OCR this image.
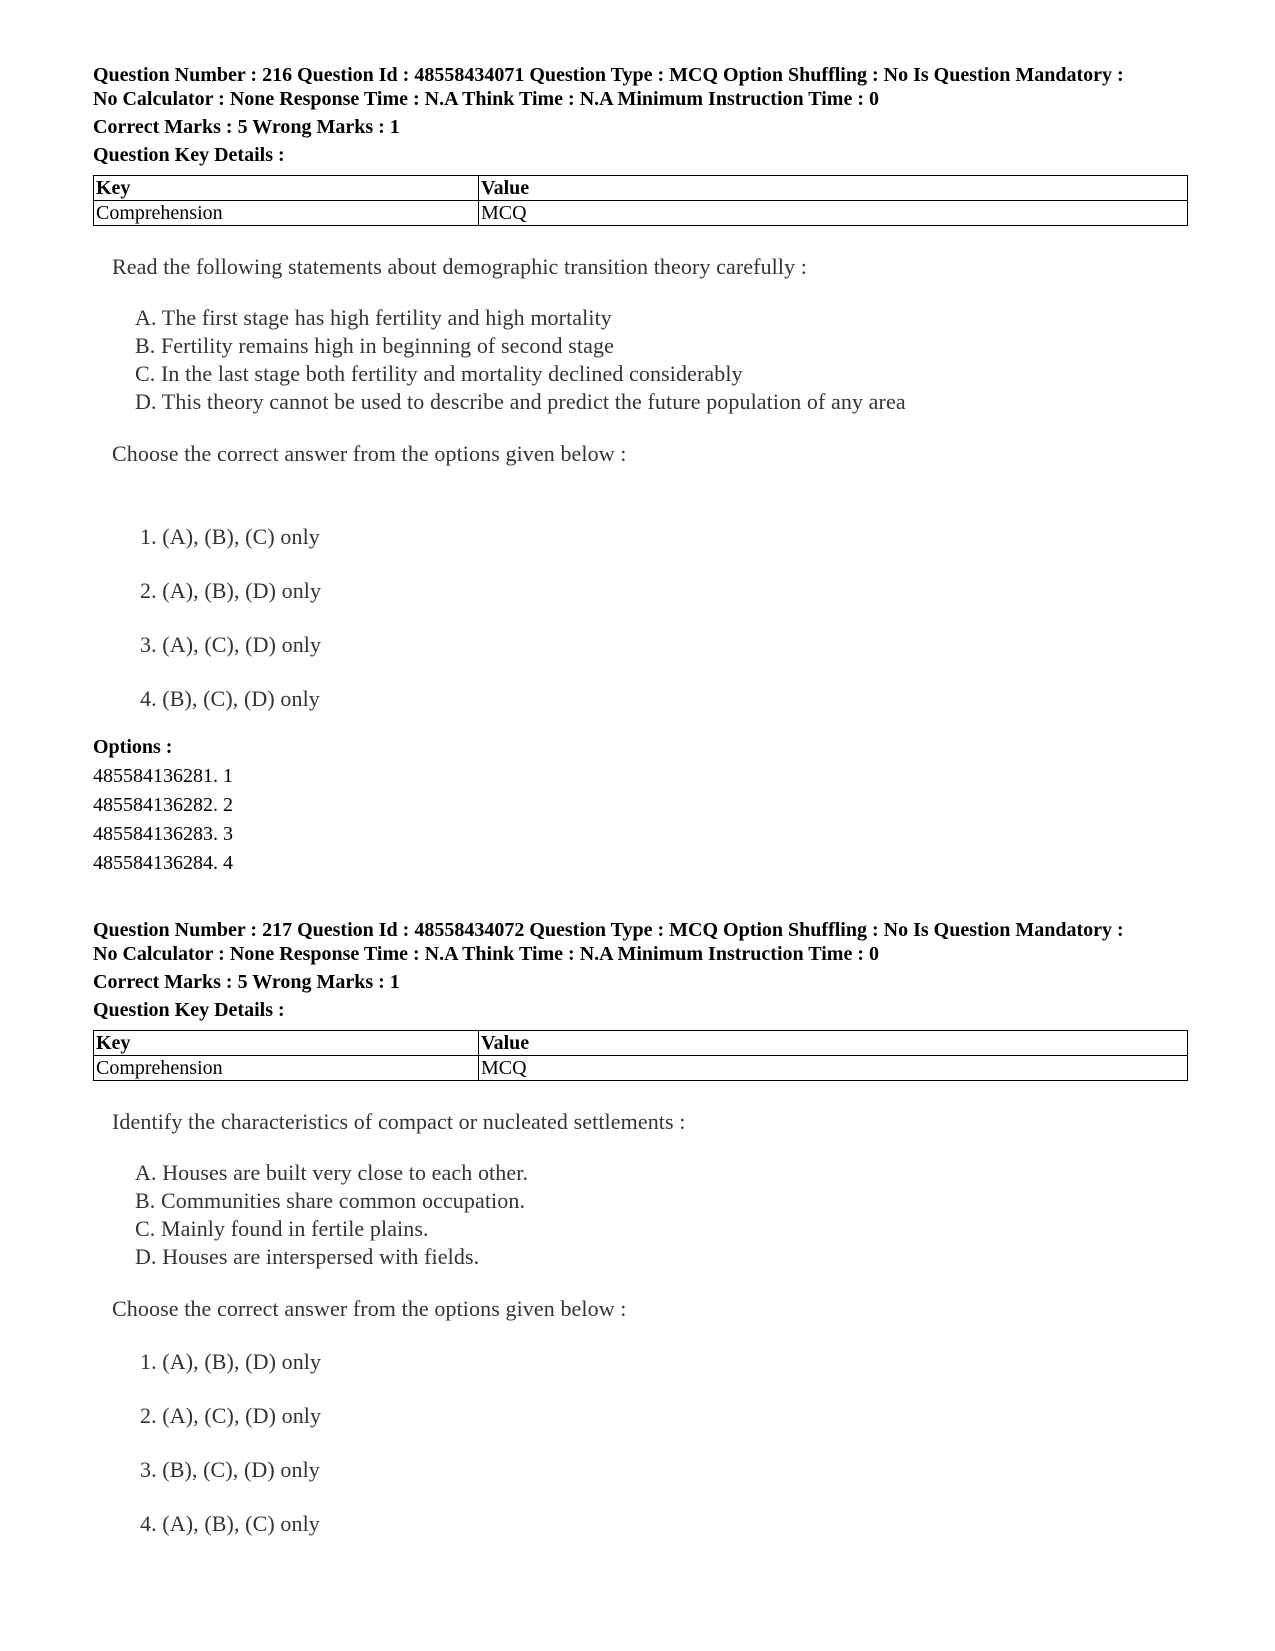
Question Number : 216 Question Id : 48558434071 Question Type : MCQ Option Shuffling : No Is Question Mandatory :

No Calculator : None Response Time : N.A Think Time : N.A Minimum Instruction Time : 0

Correct Marks : 5 Wrong Marks : 1

Question Key Details :

Key	Value
Comprehension	MCQ
Read the following statements about demographic transition theory carefully :
A. The first stage has high fertility and high mortality
B. Fertility remains high in beginning of second stage
C. In the last stage both fertility and mortality declined considerably
D. This theory cannot be used to describe and predict the future population of any area
Choose the correct answer from the options given below :
1. (A), (B), (C) only
2. (A), (B), (D) only
3. (A), (C), (D) only
4. (B), (C), (D) only

Options :

485584136281. 1

485584136282. 2

485584136283. 3

485584136284. 4

Question Number : 217 Question Id : 48558434072 Question Type : MCQ Option Shuffling : No Is Question Mandatory :

No Calculator : None Response Time : N.A Think Time : N.A Minimum Instruction Time : 0

Correct Marks : 5 Wrong Marks : 1

Question Key Details :

Key	Value
Comprehension	MCQ
Identify the characteristics of compact or nucleated settlements :
A. Houses are built very close to each other.
B. Communities share common occupation.
C. Mainly found in fertile plains.
D. Houses are interspersed with fields.
Choose the correct answer from the options given below :
1. (A), (B), (D) only
2. (A), (C), (D) only
3. (B), (C), (D) only
4. (A), (B), (C) only
